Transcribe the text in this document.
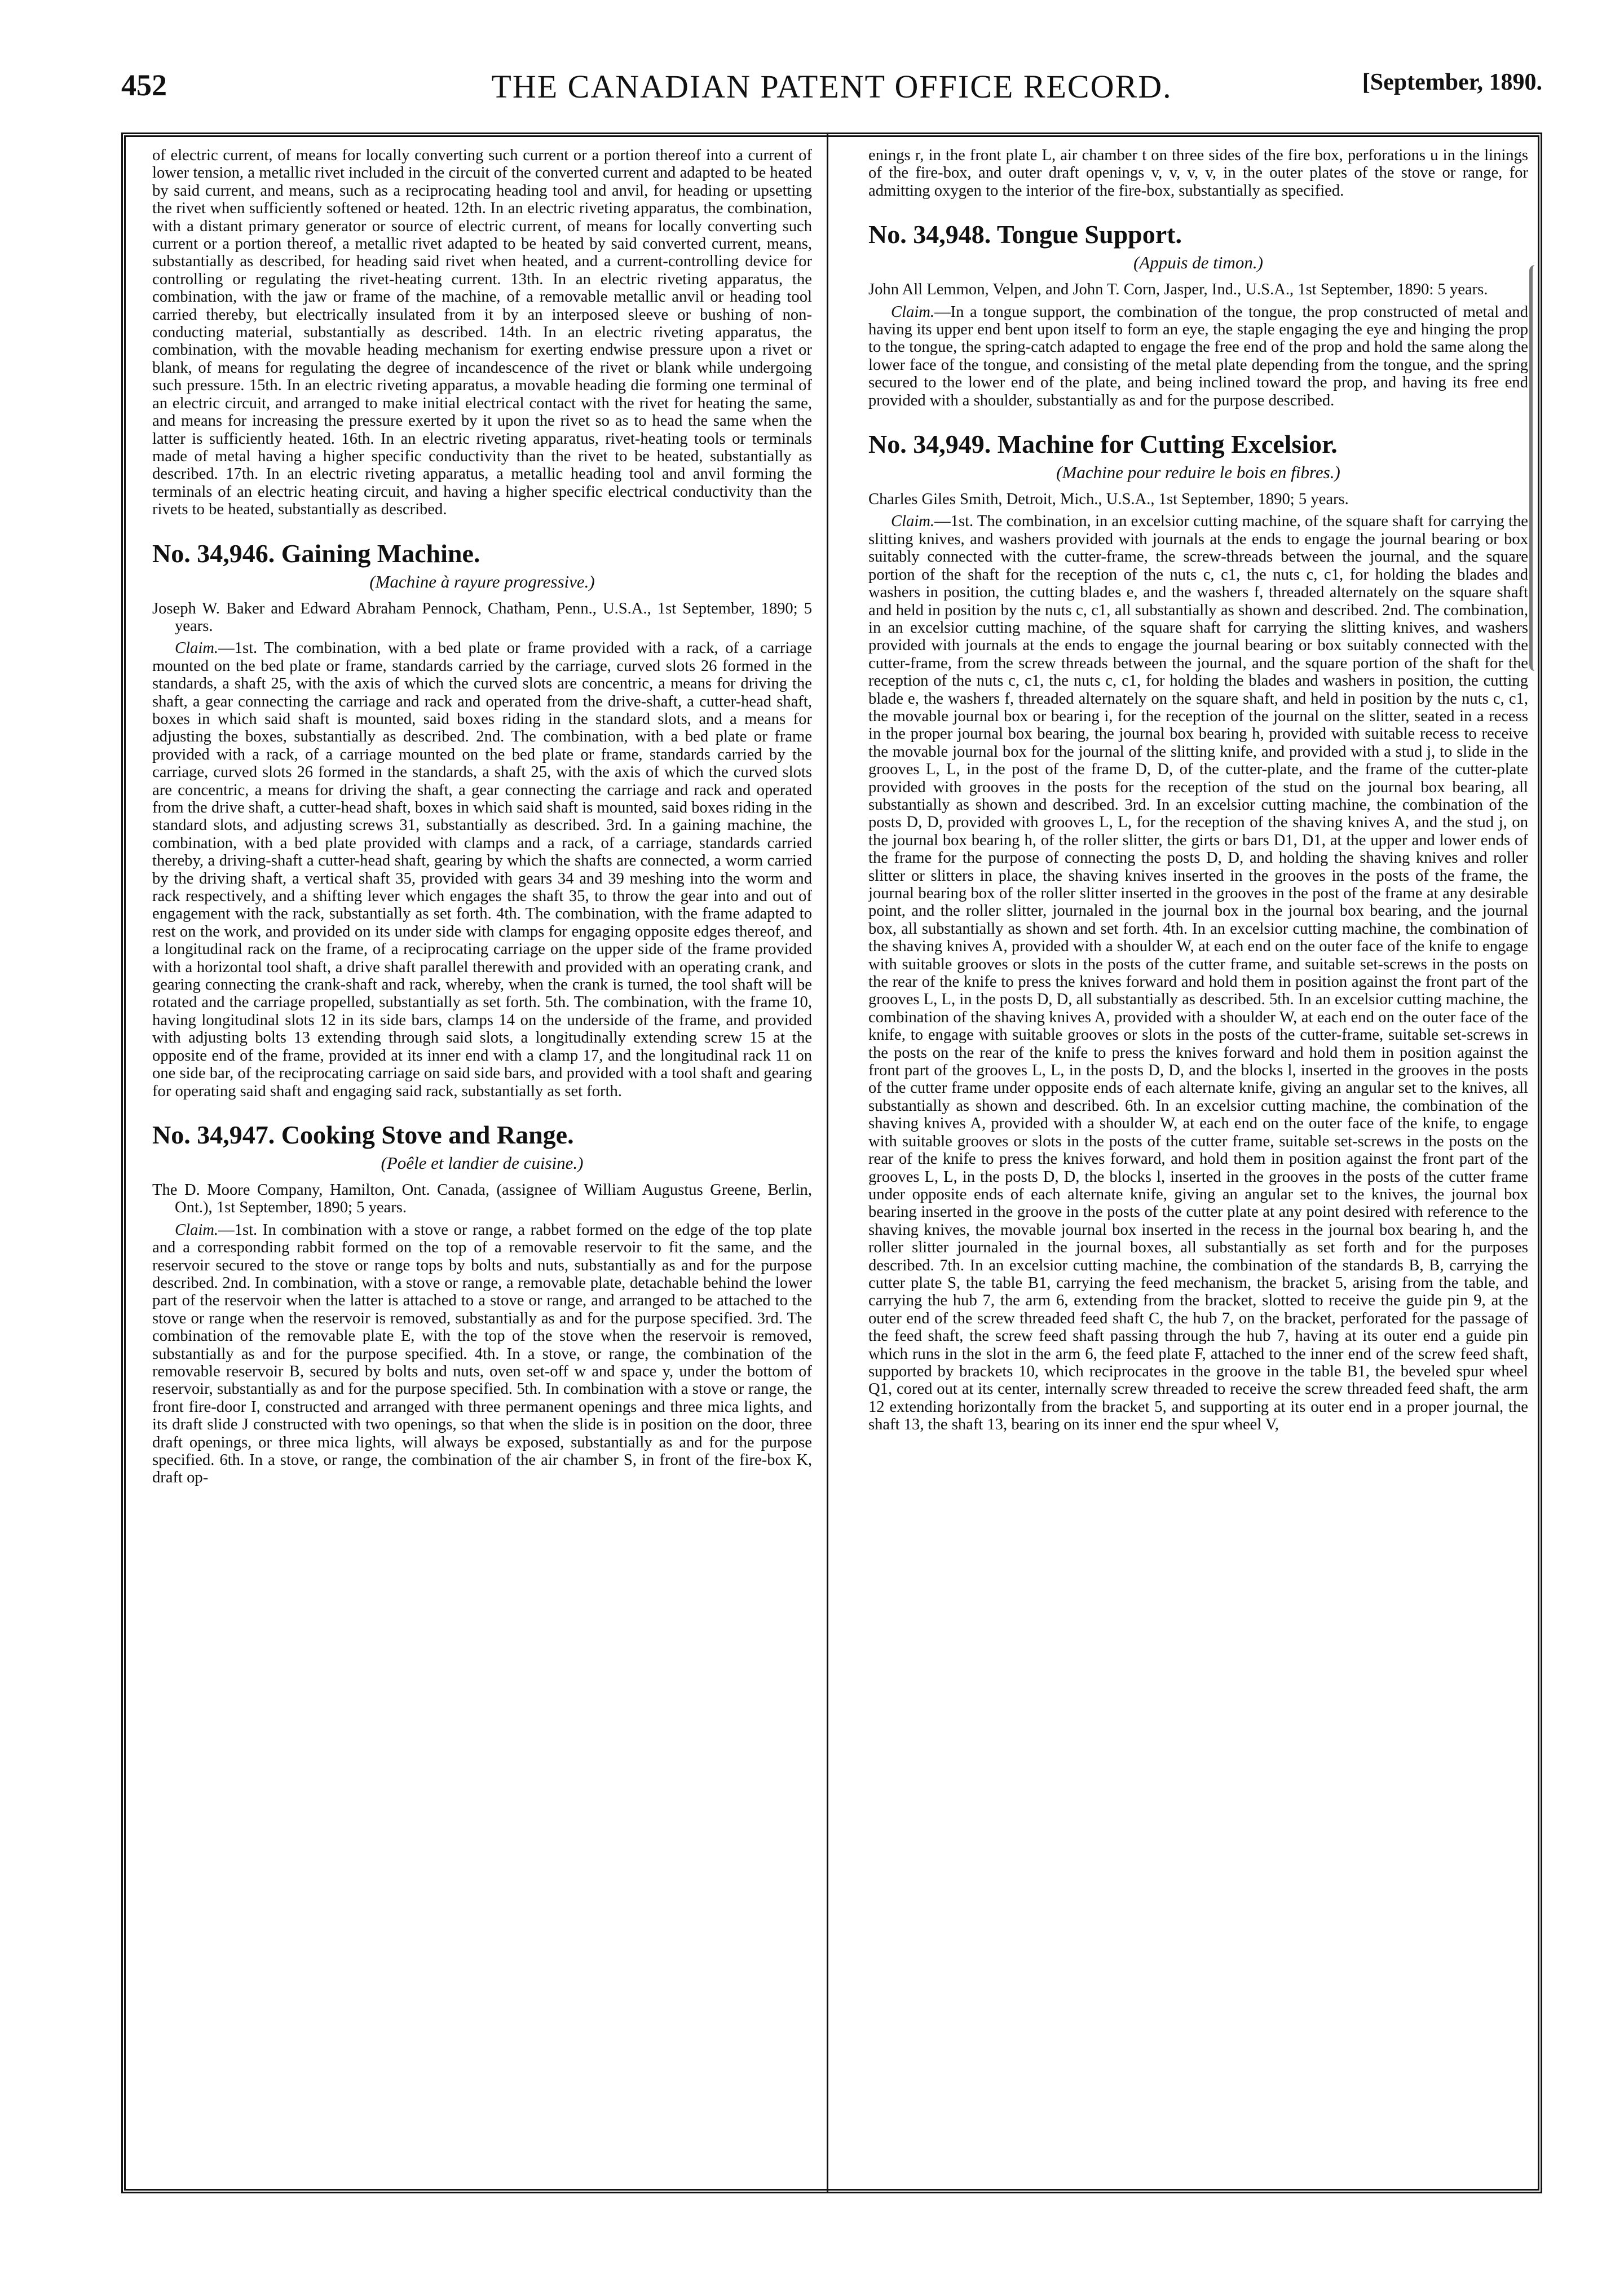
452	THE CANADIAN PATENT OFFICE RECORD.	[September, 1890.

of electric current, of means for locally converting such current or a portion thereof into a current of lower tension, a metallic rivet included in the circuit of the converted current and adapted to be heated by said current, and means, such as a reciprocating heading tool and anvil, for heading or upsetting the rivet when sufficiently softened or heated. 12th. In an electric riveting apparatus, the combination, with a distant primary generator or source of electric current, of means for locally converting such current or a portion thereof, a metallic rivet adapted to be heated by said converted current, means, substantially as described, for heading said rivet when heated, and a current-controlling device for controlling or regulating the rivet-heating current. 13th. In an electric riveting apparatus, the combination, with the jaw or frame of the machine, of a removable metallic anvil or heading tool carried thereby, but electrically insulated from it by an interposed sleeve or bushing of non-conducting material, substantially as described. 14th. In an electric riveting apparatus, the combination, with the movable heading mechanism for exerting endwise pressure upon a rivet or blank, of means for regulating the degree of incandescence of the rivet or blank while undergoing such pressure. 15th. In an electric riveting apparatus, a movable heading die forming one terminal of an electric circuit, and arranged to make initial electrical contact with the rivet for heating the same, and means for increasing the pressure exerted by it upon the rivet so as to head the same when the latter is sufficiently heated. 16th. In an electric riveting apparatus, rivet-heating tools or terminals made of metal having a higher specific conductivity than the rivet to be heated, substantially as described. 17th. In an electric riveting apparatus, a metallic heading tool and anvil forming the terminals of an electric heating circuit, and having a higher specific electrical conductivity than the rivets to be heated, substantially as described.

No. 34,946. Gaining Machine.

(Machine à rayure progressive.)

Joseph W. Baker and Edward Abraham Pennock, Chatham, Penn., U.S.A., 1st September, 1890; 5 years.

Claim.—1st. The combination, with a bed plate or frame provided with a rack, of a carriage mounted on the bed plate or frame, standards carried by the carriage, curved slots 26 formed in the standards, a shaft 25, with the axis of which the curved slots are concentric, a means for driving the shaft, a gear connecting the carriage and rack and operated from the drive-shaft, a cutter-head shaft, boxes in which said shaft is mounted, said boxes riding in the standard slots, and a means for adjusting the boxes, substantially as described. 2nd. The combination, with a bed plate or frame provided with a rack, of a carriage mounted on the bed plate or frame, standards carried by the carriage, curved slots 26 formed in the standards, a shaft 25, with the axis of which the curved slots are concentric, a means for driving the shaft, a gear connecting the carriage and rack and operated from the drive shaft, a cutter-head shaft, boxes in which said shaft is mounted, said boxes riding in the standard slots, and adjusting screws 31, substantially as described. 3rd. In a gaining machine, the combination, with a bed plate provided with clamps and a rack, of a carriage, standards carried thereby, a driving-shaft a cutter-head shaft, gearing by which the shafts are connected, a worm carried by the driving shaft, a vertical shaft 35, provided with gears 34 and 39 meshing into the worm and rack respectively, and a shifting lever which engages the shaft 35, to throw the gear into and out of engagement with the rack, substantially as set forth. 4th. The combination, with the frame adapted to rest on the work, and provided on its under side with clamps for engaging opposite edges thereof, and a longitudinal rack on the frame, of a reciprocating carriage on the upper side of the frame provided with a horizontal tool shaft, a drive shaft parallel therewith and provided with an operating crank, and gearing connecting the crank-shaft and rack, whereby, when the crank is turned, the tool shaft will be rotated and the carriage propelled, substantially as set forth. 5th. The combination, with the frame 10, having longitudinal slots 12 in its side bars, clamps 14 on the underside of the frame, and provided with adjusting bolts 13 extending through said slots, a longitudinally extending screw 15 at the opposite end of the frame, provided at its inner end with a clamp 17, and the longitudinal rack 11 on one side bar, of the reciprocating carriage on said side bars, and provided with a tool shaft and gearing for operating said shaft and engaging said rack, substantially as set forth.

No. 34,947. Cooking Stove and Range.

(Poêle et landier de cuisine.)

The D. Moore Company, Hamilton, Ont. Canada, (assignee of William Augustus Greene, Berlin, Ont.), 1st September, 1890; 5 years.

Claim.—1st. In combination with a stove or range, a rabbet formed on the edge of the top plate and a corresponding rabbit formed on the top of a removable reservoir to fit the same, and the reservoir secured to the stove or range tops by bolts and nuts, substantially as and for the purpose described. 2nd. In combination, with a stove or range, a removable plate, detachable behind the lower part of the reservoir when the latter is attached to a stove or range, and arranged to be attached to the stove or range when the reservoir is removed, substantially as and for the purpose specified. 3rd. The combination of the removable plate E, with the top of the stove when the reservoir is removed, substantially as and for the purpose specified. 4th. In a stove, or range, the combination of the removable reservoir B, secured by bolts and nuts, oven set-off w and space y, under the bottom of reservoir, substantially as and for the purpose specified. 5th. In combination with a stove or range, the front fire-door I, constructed and arranged with three permanent openings and three mica lights, and its draft slide J constructed with two openings, so that when the slide is in position on the door, three draft openings, or three mica lights, will always be exposed, substantially as and for the purpose specified. 6th. In a stove, or range, the combination of the air chamber S, in front of the fire-box K, draft op-

enings r, in the front plate L, air chamber t on three sides of the fire box, perforations u in the linings of the fire-box, and outer draft openings v, v, v, v, in the outer plates of the stove or range, for admitting oxygen to the interior of the fire-box, substantially as specified.

No. 34,948. Tongue Support.

(Appuis de timon.)

John All Lemmon, Velpen, and John T. Corn, Jasper, Ind., U.S.A., 1st September, 1890: 5 years.

Claim.—In a tongue support, the combination of the tongue, the prop constructed of metal and having its upper end bent upon itself to form an eye, the staple engaging the eye and hinging the prop to the tongue, the spring-catch adapted to engage the free end of the prop and hold the same along the lower face of the tongue, and consisting of the metal plate depending from the tongue, and the spring secured to the lower end of the plate, and being inclined toward the prop, and having its free end provided with a shoulder, substantially as and for the purpose described.

No. 34,949. Machine for Cutting Excelsior.

(Machine pour reduire le bois en fibres.)

Charles Giles Smith, Detroit, Mich., U.S.A., 1st September, 1890; 5 years.

Claim.—1st. The combination, in an excelsior cutting machine, of the square shaft for carrying the slitting knives, and washers provided with journals at the ends to engage the journal bearing or box suitably connected with the cutter-frame, the screw-threads between the journal, and the square portion of the shaft for the reception of the nuts c, c1, the nuts c, c1, for holding the blades and washers in position, the cutting blades e, and the washers f, threaded alternately on the square shaft and held in position by the nuts c, c1, all substantially as shown and described. 2nd. The combination, in an excelsior cutting machine, of the square shaft for carrying the slitting knives, and washers provided with journals at the ends to engage the journal bearing or box suitably connected with the cutter-frame, from the screw threads between the journal, and the square portion of the shaft for the reception of the nuts c, c1, the nuts c, c1, for holding the blades and washers in position, the cutting blade e, the washers f, threaded alternately on the square shaft, and held in position by the nuts c, c1, the movable journal box or bearing i, for the reception of the journal on the slitter, seated in a recess in the proper journal box bearing, the journal box bearing h, provided with suitable recess to receive the movable journal box for the journal of the slitting knife, and provided with a stud j, to slide in the grooves L, L, in the post of the frame D, D, of the cutter-plate, and the frame of the cutter-plate provided with grooves in the posts for the reception of the stud on the journal box bearing, all substantially as shown and described. 3rd. In an excelsior cutting machine, the combination of the posts D, D, provided with grooves L, L, for the reception of the shaving knives A, and the stud j, on the journal box bearing h, of the roller slitter, the girts or bars D1, D1, at the upper and lower ends of the frame for the purpose of connecting the posts D, D, and holding the shaving knives and roller slitter or slitters in place, the shaving knives inserted in the grooves in the posts of the frame, the journal bearing box of the roller slitter inserted in the grooves in the post of the frame at any desirable point, and the roller slitter, journaled in the journal box in the journal box bearing, and the journal box, all substantially as shown and set forth. 4th. In an excelsior cutting machine, the combination of the shaving knives A, provided with a shoulder W, at each end on the outer face of the knife to engage with suitable grooves or slots in the posts of the cutter frame, and suitable set-screws in the posts on the rear of the knife to press the knives forward and hold them in position against the front part of the grooves L, L, in the posts D, D, all substantially as described. 5th. In an excelsior cutting machine, the combination of the shaving knives A, provided with a shoulder W, at each end on the outer face of the knife, to engage with suitable grooves or slots in the posts of the cutter-frame, suitable set-screws in the posts on the rear of the knife to press the knives forward and hold them in position against the front part of the grooves L, L, in the posts D, D, and the blocks l, inserted in the grooves in the posts of the cutter frame under opposite ends of each alternate knife, giving an angular set to the knives, all substantially as shown and described. 6th. In an excelsior cutting machine, the combination of the shaving knives A, provided with a shoulder W, at each end on the outer face of the knife, to engage with suitable grooves or slots in the posts of the cutter frame, suitable set-screws in the posts on the rear of the knife to press the knives forward, and hold them in position against the front part of the grooves L, L, in the posts D, D, the blocks l, inserted in the grooves in the posts of the cutter frame under opposite ends of each alternate knife, giving an angular set to the knives, the journal box bearing inserted in the groove in the posts of the cutter plate at any point desired with reference to the shaving knives, the movable journal box inserted in the recess in the journal box bearing h, and the roller slitter journaled in the journal boxes, all substantially as set forth and for the purposes described. 7th. In an excelsior cutting machine, the combination of the standards B, B, carrying the cutter plate S, the table B1, carrying the feed mechanism, the bracket 5, arising from the table, and carrying the hub 7, the arm 6, extending from the bracket, slotted to receive the guide pin 9, at the outer end of the screw threaded feed shaft C, the hub 7, on the bracket, perforated for the passage of the feed shaft, the screw feed shaft passing through the hub 7, having at its outer end a guide pin which runs in the slot in the arm 6, the feed plate F, attached to the inner end of the screw feed shaft, supported by brackets 10, which reciprocates in the groove in the table B1, the beveled spur wheel Q1, cored out at its center, internally screw threaded to receive the screw threaded feed shaft, the arm 12 extending horizontally from the bracket 5, and supporting at its outer end in a proper journal, the shaft 13, the shaft 13, bearing on its inner end the spur wheel V,
